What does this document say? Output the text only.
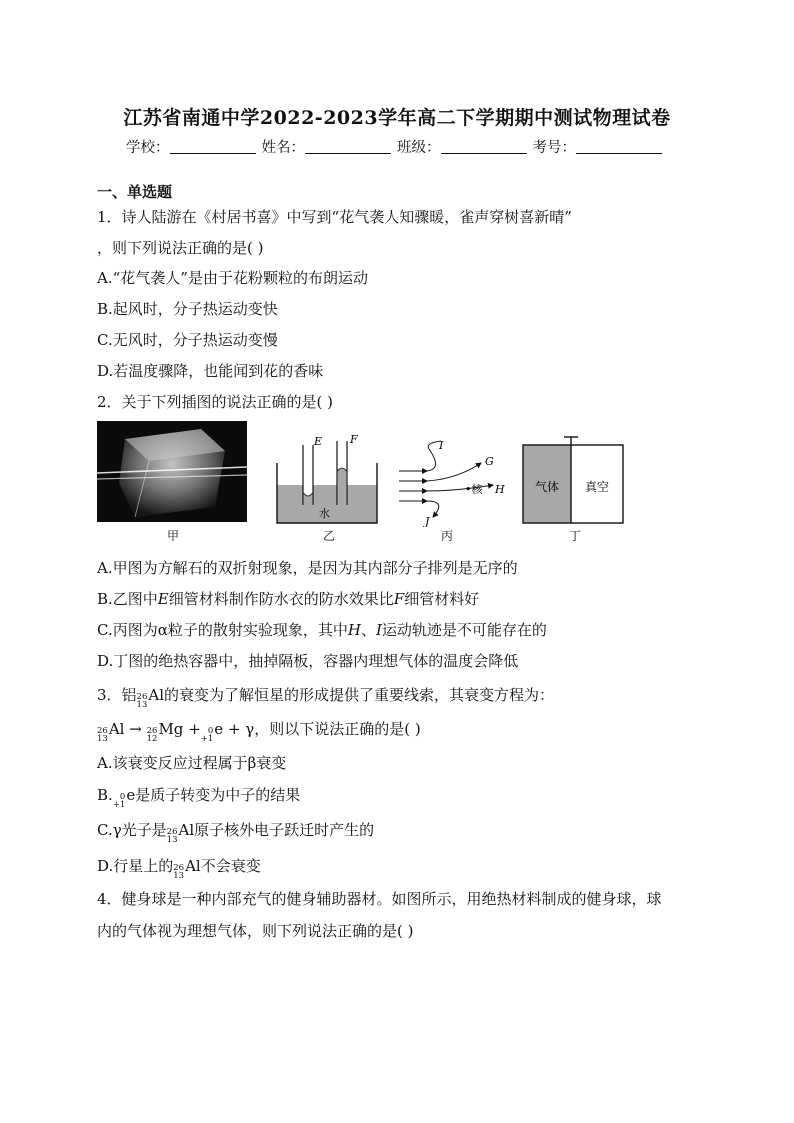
江苏省南通中学2022-2023学年高二下学期期中测试物理试卷
学校：	姓名：	班级：	考号：
一、单选题
1．诗人陆游在《村居书喜》中写到“花气袭人知骤暖，雀声穿树喜新晴”
，则下列说法正确的是( )
A.“花气袭人”是由于花粉颗粒的布朗运动
B.起风时，分子热运动变快
C.无风时，分子热运动变慢
D.若温度骤降，也能闻到花的香味
2．关于下列插图的说法正确的是( )
甲
E	F
水
乙
I
G
H
J
•核
丙
气体 真空
丁
A.甲图为方解石的双折射现象，是因为其内部分子排列是无序的
B.乙图中E细管材料制作防水衣的防水效果比F细管材料好
C.丙图为α粒子的散射实验现象，其中H、I运动轨迹是不可能存在的
D.丁图的绝热容器中，抽掉隔板，容器内理想气体的温度会降低
3．铝 26
13
Al的衰变为了解恒星的形成提供了重要线索，其衰变方程为：
26
13
Al → 26
12
Mg + 0
+1
e + γ，则以下说法正确的是( )
A.该衰变反应过程属于β衰变
B. 0
+1
e是质子转变为中子的结果
C.γ光子是 26
13
Al原子核外电子跃迁时产生的
D.行星上的 26
13
Al不会衰变
4．健身球是一种内部充气的健身辅助器材。如图所示，用绝热材料制成的健身球，球
内的气体视为理想气体，则下列说法正确的是( )
